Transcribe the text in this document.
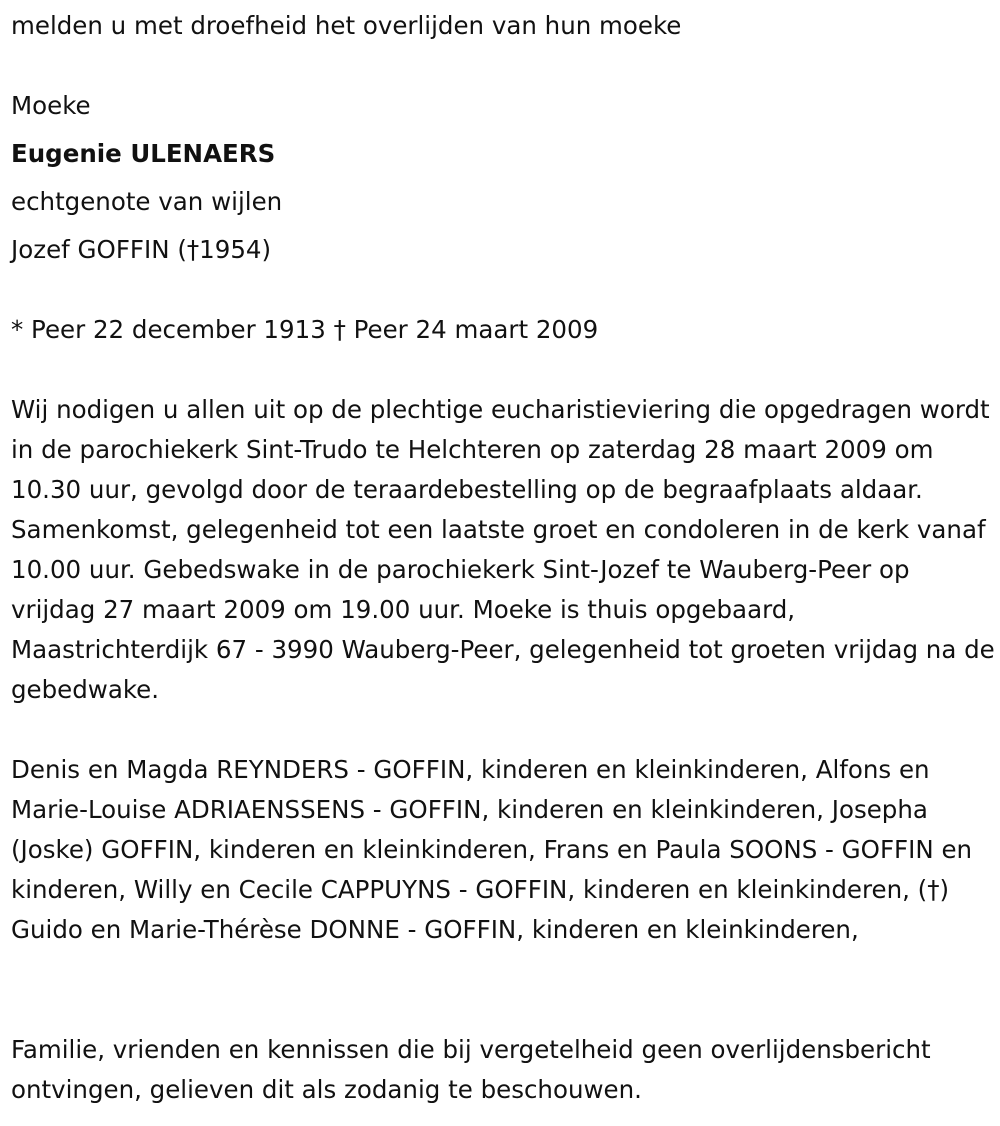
melden u met droefheid het overlijden van hun moeke

Moeke

Eugenie ULENAERS

echtgenote van wijlen

Jozef GOFFIN (†1954)

* Peer 22 december 1913 † Peer 24 maart 2009

Wij nodigen u allen uit op de plechtige eucharistieviering die opgedragen wordt in de parochiekerk Sint-Trudo te Helchteren op zaterdag 28 maart 2009 om 10.30 uur, gevolgd door de teraardebestelling op de begraafplaats aldaar. Samenkomst, gelegenheid tot een laatste groet en condoleren in de kerk vanaf 10.00 uur. Gebedswake in de parochiekerk Sint-Jozef te Wauberg-Peer op vrijdag 27 maart 2009 om 19.00 uur. Moeke is thuis opgebaard, Maastrichterdijk 67 - 3990 Wauberg-Peer, gelegenheid tot groeten vrijdag na de gebedwake.

Denis en Magda REYNDERS - GOFFIN, kinderen en kleinkinderen, Alfons en Marie-Louise ADRIAENSSENS - GOFFIN, kinderen en kleinkinderen, Josepha (Joske) GOFFIN, kinderen en kleinkinderen, Frans en Paula SOONS - GOFFIN en kinderen, Willy en Cecile CAPPUYNS - GOFFIN, kinderen en kleinkinderen, (†) Guido en Marie-Thérèse DONNE - GOFFIN, kinderen en kleinkinderen,

Familie, vrienden en kennissen die bij vergetelheid geen overlijdensbericht ontvingen, gelieven dit als zodanig te beschouwen.
